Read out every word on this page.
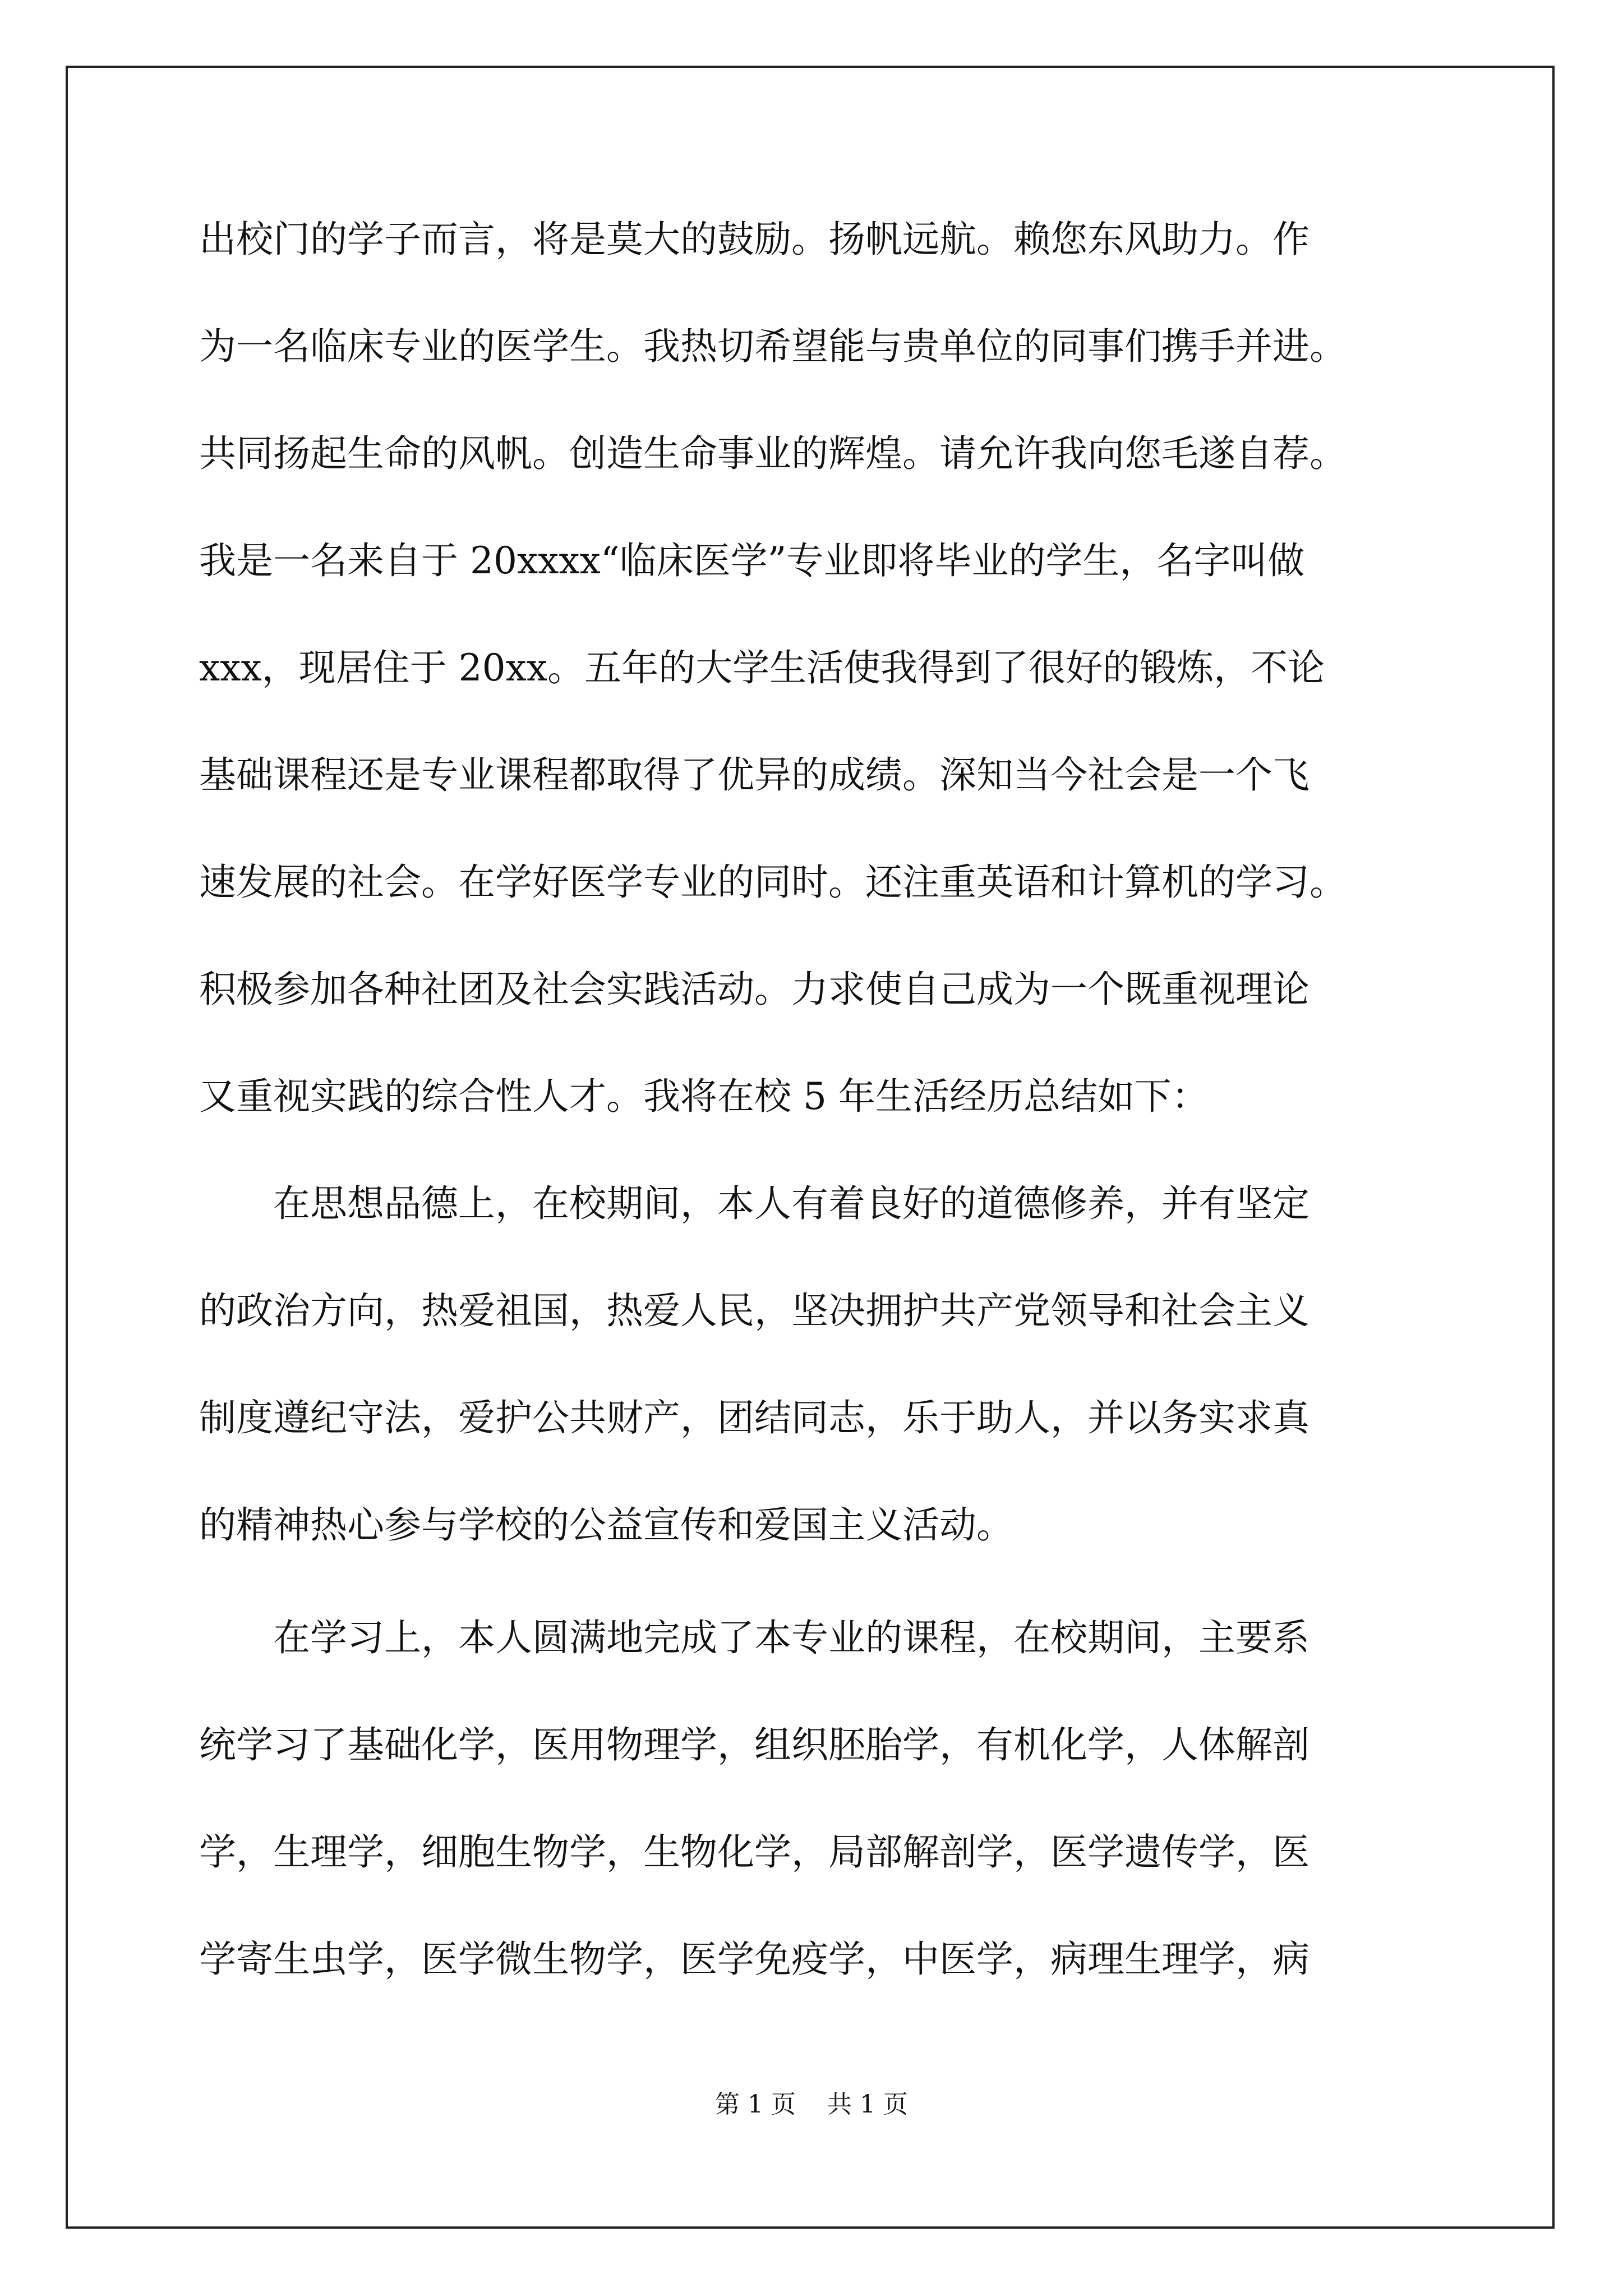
出校门的学子而言，将是莫大的鼓励。扬帆远航。赖您东风助力。作
为一名临床专业的医学生。我热切希望能与贵单位的同事们携手并进。
共同扬起生命的风帆。创造生命事业的辉煌。请允许我向您毛遂自荐。
我是一名来自于 20xxxx“临床医学”专业即将毕业的学生，名字叫做
xxx，现居住于 20xx。五年的大学生活使我得到了很好的锻炼，不论
基础课程还是专业课程都取得了优异的成绩。深知当今社会是一个飞
速发展的社会。在学好医学专业的同时。还注重英语和计算机的学习。
积极参加各种社团及社会实践活动。力求使自己成为一个既重视理论
又重视实践的综合性人才。我将在校 5 年生活经历总结如下：
在思想品德上，在校期间，本人有着良好的道德修养，并有坚定
的政治方向，热爱祖国，热爱人民，坚决拥护共产党领导和社会主义
制度遵纪守法，爱护公共财产，团结同志，乐于助人，并以务实求真
的精神热心参与学校的公益宣传和爱国主义活动。
在学习上，本人圆满地完成了本专业的课程，在校期间，主要系
统学习了基础化学，医用物理学，组织胚胎学，有机化学，人体解剖
学，生理学，细胞生物学，生物化学，局部解剖学，医学遗传学，医
学寄生虫学，医学微生物学，医学免疫学，中医学，病理生理学，病
第 1 页    共 1 页
